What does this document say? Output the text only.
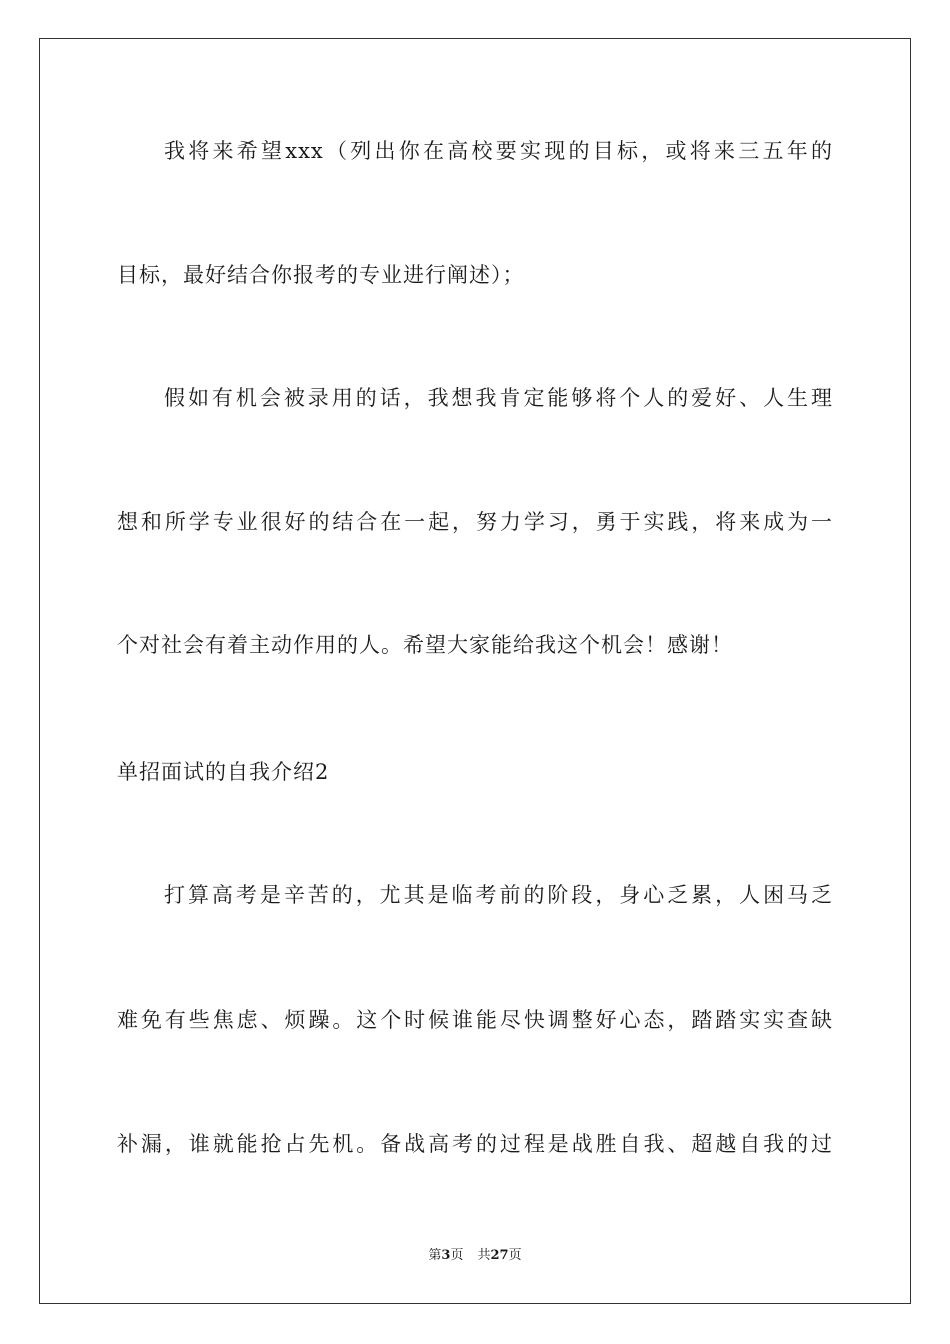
我将来希望xxx（列出你在高校要实现的目标，或将来三五年的
目标，最好结合你报考的专业进行阐述）；
假如有机会被录用的话，我想我肯定能够将个人的爱好、人生理
想和所学专业很好的结合在一起，努力学习，勇于实践，将来成为一
个对社会有着主动作用的人。希望大家能给我这个机会！感谢！
单招面试的自我介绍2
打算高考是辛苦的，尤其是临考前的阶段，身心乏累，人困马乏
难免有些焦虑、烦躁。这个时候谁能尽快调整好心态，踏踏实实查缺
补漏，谁就能抢占先机。备战高考的过程是战胜自我、超越自我的过
第3页 共27页
